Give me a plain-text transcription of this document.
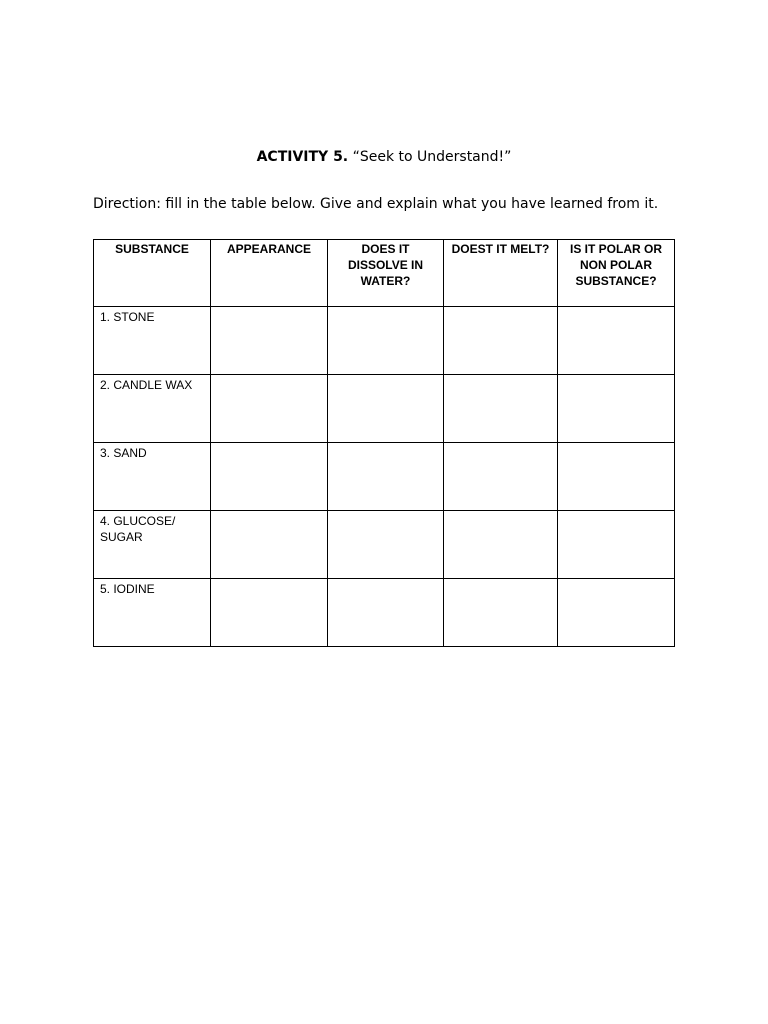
ACTIVITY 5. “Seek to Understand!”
Direction: fill in the table below. Give and explain what you have learned from it.
SUBSTANCE	APPEARANCE	DOES IT DISSOLVE IN WATER?	DOEST IT MELT?	IS IT POLAR OR NON POLAR SUBSTANCE?
1. STONE				
2. CANDLE WAX				
3. SAND				
4. GLUCOSE/ SUGAR				
5. IODINE				
